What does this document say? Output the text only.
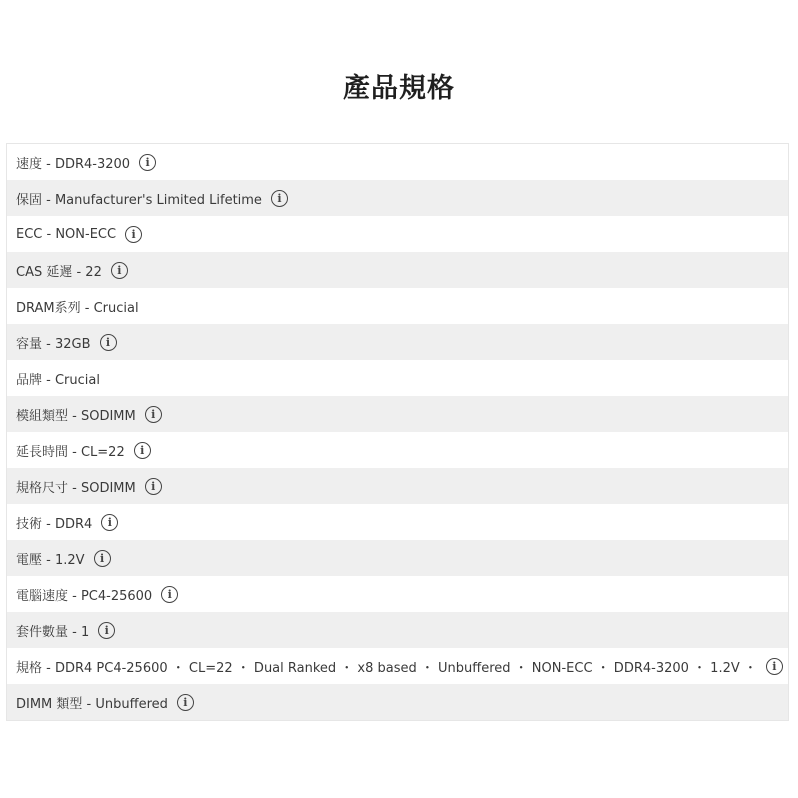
產品規格
速度 - DDR4-3200	i
保固 - Manufacturer's Limited Lifetime	i
ECC - NON-ECC	i
CAS 延遲 - 22	i
DRAM系列 - Crucial
容量 - 32GB	i
品牌 - Crucial
模組類型 - SODIMM	i
延長時間 - CL=22	i
規格尺寸 - SODIMM	i
技術 - DDR4	i
電壓 - 1.2V	i
電腦速度 - PC4-25600	i
套件數量 - 1	i
規格 - DDR4 PC4-25600 ・ CL=22 ・ Dual Ranked ・ x8 based ・ Unbuffered ・ NON-ECC ・ DDR4-3200 ・ 1.2V ・	i
DIMM 類型 - Unbuffered	i
